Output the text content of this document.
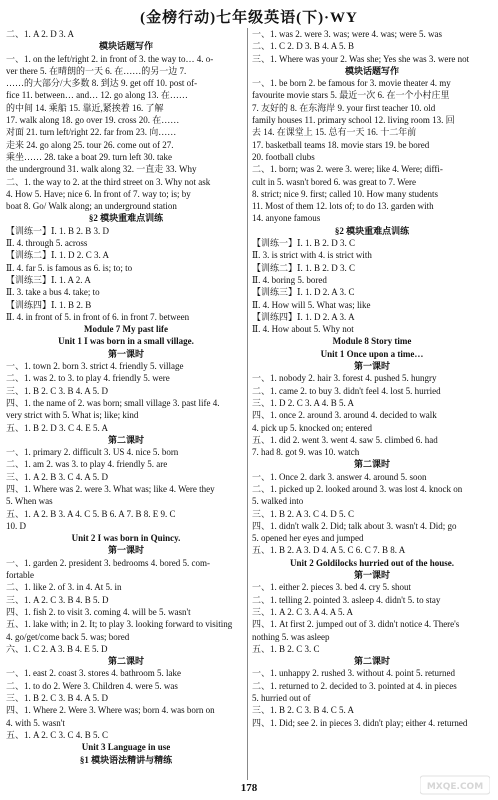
(金榜行动)七年级英语(下)·WY
二、1. A 2. D 3. A
模块话题写作
一、1. on the left/right 2. in front of 3. the way to… 4. o-
ver there 5. 在晴朗的一天 6. 在……的另一边 7.
……的大部分/大多数 8. 到达 9. get off 10. post of-
fice 11. between… and… 12. go along 13. 在……
的中间 14. 乘船 15. 靠近,紧挨着 16. 了解
17. walk along 18. go over 19. cross 20. 在……
对面 21. turn left/right 22. far from 23. 向……
走来 24. go along 25. tour 26. come out of 27.
乘坐…… 28. take a boat 29. turn left 30. take
the underground 31. walk along 32. 一直走 33. Why
二、1. the way to 2. at the third street on 3. Why not ask
4. How 5. Have; nice 6. In front of 7. way to; is; by
boat 8. Go/ Walk along; an underground station
§2 模块重难点训练
【训练一】Ⅰ. 1. B 2. B 3. D
Ⅱ. 4. through 5. across
【训练二】Ⅰ. 1. D 2. C 3. A
Ⅱ. 4. far 5. is famous as 6. is; to; to
【训练三】Ⅰ. 1. A 2. A
Ⅱ. 3. take a bus 4. take; to
【训练四】Ⅰ. 1. B 2. B
Ⅱ. 4. in front of 5. in front of 6. in front 7. between
Module 7 My past life
Unit 1 I was born in a small village.
第一课时
一、1. town 2. born 3. strict 4. friendly 5. village
二、1. was 2. to 3. to play 4. friendly 5. were
三、1. B 2. C 3. B 4. A 5. D
四、1. the name of 2. was born; small village 3. past life 4.
very strict with 5. What is; like; kind
五、1. B 2. D 3. C 4. E 5. A
第二课时
一、1. primary 2. difficult 3. US 4. nice 5. born
二、1. am 2. was 3. to play 4. friendly 5. are
三、1. A 2. B 3. C 4. A 5. D
四、1. Where was 2. were 3. What was; like 4. Were they
5. When was
五、1. A 2. B 3. A 4. C 5. B 6. A 7. B 8. E 9. C
10. D
Unit 2 I was born in Quincy.
第一课时
一、1. garden 2. president 3. bedrooms 4. bored 5. com-
fortable
二、1. like 2. of 3. in 4. At 5. in
三、1. A 2. C 3. B 4. B 5. D
四、1. fish 2. to visit 3. coming 4. will be 5. wasn't
五、1. lake with; in 2. It; to play 3. looking forward to visiting
4. go/get/come back 5. was; bored
六、1. C 2. A 3. B 4. E 5. D
第二课时
一、1. east 2. coast 3. stores 4. bathroom 5. lake
二、1. to do 2. Were 3. Children 4. were 5. was
三、1. B 2. C 3. B 4. A 5. D
四、1. Where 2. Were 3. Where was; born 4. was born on
4. with 5. wasn't
五、1. A 2. C 3. C 4. B 5. C
Unit 3 Language in use
§1 模块语法精讲与精练
一、1. was 2. were 3. was; were 4. was; were 5. was
二、1. C 2. D 3. B 4. A 5. B
三、1. Where was your 2. Was she; Yes she was 3. were not
模块话题写作
一、1. be born 2. be famous for 3. movie theater 4. my
favourite movie stars 5. 最近一次 6. 在一个小村庄里
7. 友好的 8. 在东海岸 9. your first teacher 10. old
family houses 11. primary school 12. living room 13. 回
去 14. 在课堂上 15. 总有一天 16. 十二年前
17. basketball teams 18. movie stars 19. be bored
20. football clubs
二、1. born; was 2. were 3. were; like 4. Were; diffi-
cult in 5. wasn't bored 6. was great to 7. Were
8. strict; nice 9. first; called 10. How many students
11. Most of them 12. lots of; to do 13. garden with
14. anyone famous
§2 模块重难点训练
【训练一】Ⅰ. 1. B 2. D 3. C
Ⅱ. 3. is strict with 4. is strict with
【训练二】Ⅰ. 1. B 2. D 3. C
Ⅱ. 4. boring 5. bored
【训练三】Ⅰ. 1. D 2. A 3. C
Ⅱ. 4. How will 5. What was; like
【训练四】Ⅰ. 1. D 2. A 3. A
Ⅱ. 4. How about 5. Why not
Module 8 Story time
Unit 1 Once upon a time…
第一课时
一、1. nobody 2. hair 3. forest 4. pushed 5. hungry
二、1. came 2. to buy 3. didn't feel 4. lost 5. hurried
三、1. D 2. C 3. A 4. B 5. A
四、1. once 2. around 3. around 4. decided to walk
4. pick up 5. knocked on; entered
五、1. did 2. went 3. went 4. saw 5. climbed 6. had
7. had 8. got 9. was 10. watch
第二课时
一、1. Once 2. dark 3. answer 4. around 5. soon
二、1. picked up 2. looked around 3. was lost 4. knock on
5. walked into
三、1. B 2. A 3. C 4. D 5. C
四、1. didn't walk 2. Did; talk about 3. wasn't 4. Did; go
5. opened her eyes and jumped
五、1. B 2. A 3. D 4. A 5. C 6. C 7. B 8. A
Unit 2 Goldilocks hurried out of the house.
第一课时
一、1. either 2. pieces 3. bed 4. cry 5. shout
二、1. telling 2. pointed 3. asleep 4. didn't 5. to stay
三、1. A 2. C 3. A 4. A 5. A
四、1. At first 2. jumped out of 3. didn't notice 4. There's
nothing 5. was asleep
五、1. B 2. C 3. C
第二课时
一、1. unhappy 2. rushed 3. without 4. point 5. returned
二、1. returned to 2. decided to 3. pointed at 4. in pieces
5. hurried out of
三、1. B 2. C 3. B 4. C 5. A
四、1. Did; see 2. in pieces 3. didn't play; either 4. returned
178	MXQE.COM
